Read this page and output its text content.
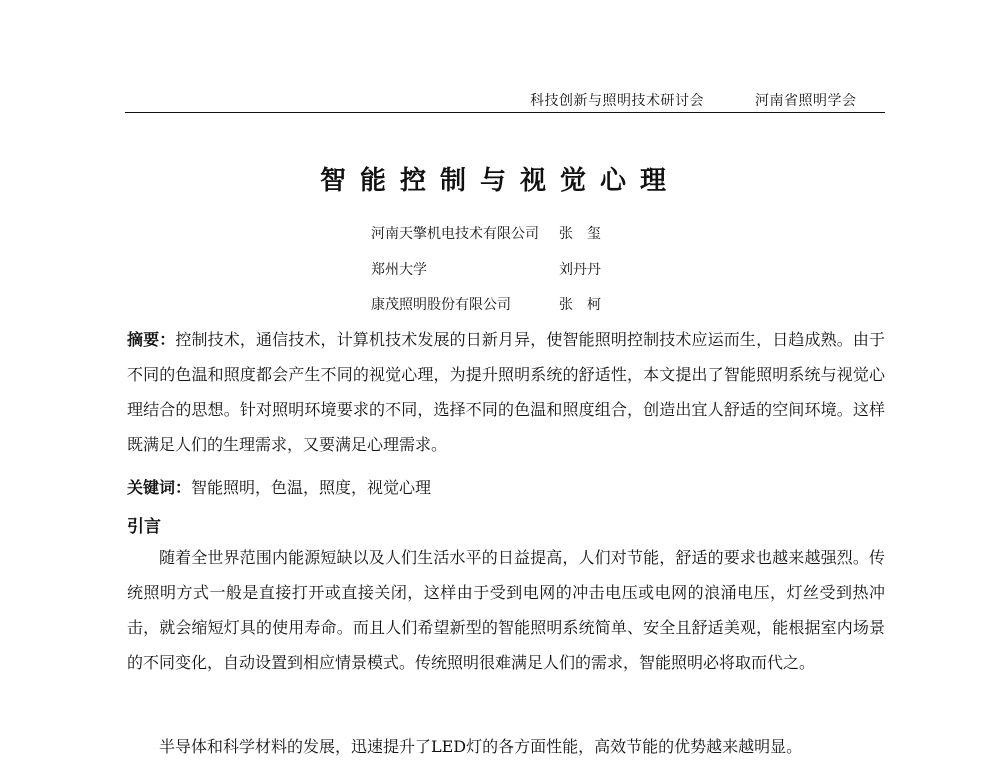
科技创新与照明技术研讨会	河南省照明学会
智能控制与视觉心理
河南天擎机电技术有限公司 张　玺
郑州大学	刘丹丹
康茂照明股份有限公司	张　柯
摘要：控制技术，通信技术，计算机技术发展的日新月异，使智能照明控制技术应运而生，日趋成熟。由于不同的色温和照度都会产生不同的视觉心理，为提升照明系统的舒适性，本文提出了智能照明系统与视觉心理结合的思想。针对照明环境要求的不同，选择不同的色温和照度组合，创造出宜人舒适的空间环境。这样既满足人们的生理需求，又要满足心理需求。
关键词：智能照明，色温，照度，视觉心理
引言
随着全世界范围内能源短缺以及人们生活水平的日益提高，人们对节能，舒适的要求也越来越强烈。传统照明方式一般是直接打开或直接关闭，这样由于受到电网的冲击电压或电网的浪涌电压，灯丝受到热冲击，就会缩短灯具的使用寿命。而且人们希望新型的智能照明系统简单、安全且舒适美观，能根据室内场景的不同变化，自动设置到相应情景模式。传统照明很难满足人们的需求，智能照明必将取而代之。
半导体和科学材料的发展，迅速提升了LED灯的各方面性能，高效节能的优势越来越明显。
